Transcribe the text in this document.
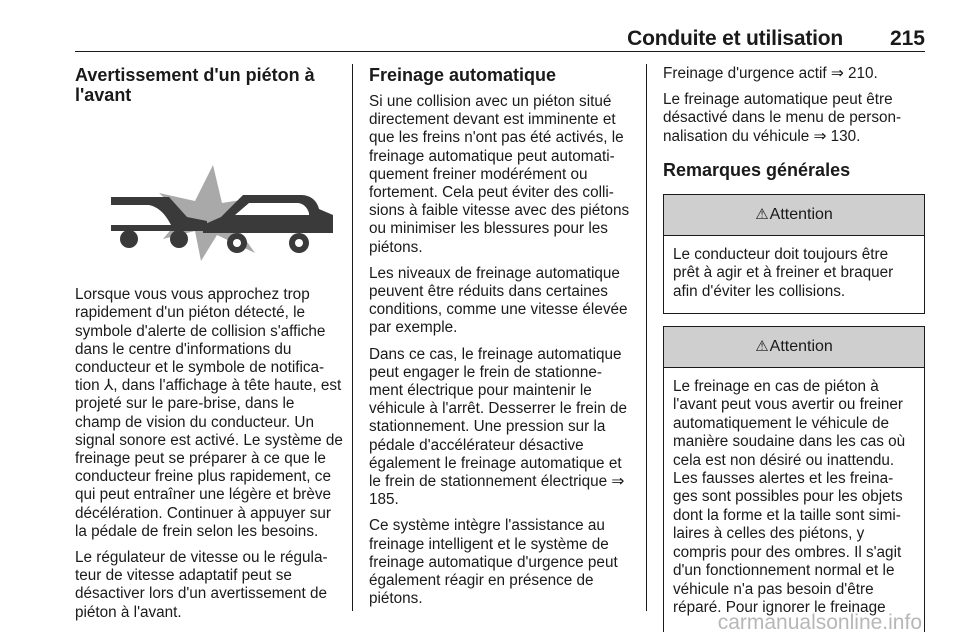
Conduite et utilisation 215
Avertissement d'un piéton à l'avant

Lorsque vous vous approchez trop rapidement d'un piéton détecté, le symbole d'alerte de collision s'affiche dans le centre d'informations du conducteur et le symbole de notifica- tion ⅄, dans l'affichage à tête haute, est projeté sur le pare-brise, dans le champ de vision du conducteur. Un signal sonore est activé. Le système de freinage peut se préparer à ce que le conducteur freine plus rapidement, ce qui peut entraîner une légère et brève décélération. Continuer à appuyer sur la pédale de frein selon les besoins.

Le régulateur de vitesse ou le régula- teur de vitesse adaptatif peut se désactiver lors d'un avertissement de piéton à l'avant.

Freinage automatique

Si une collision avec un piéton situé directement devant est imminente et que les freins n'ont pas été activés, le freinage automatique peut automati- quement freiner modérément ou fortement. Cela peut éviter des colli- sions à faible vitesse avec des piétons ou minimiser les blessures pour les piétons.

Les niveaux de freinage automatique peuvent être réduits dans certaines conditions, comme une vitesse élevée par exemple.

Dans ce cas, le freinage automatique peut engager le frein de stationne- ment électrique pour maintenir le véhicule à l'arrêt. Desserrer le frein de stationnement. Une pression sur la pédale d'accélérateur désactive également le freinage automatique et le frein de stationnement électrique ⇒ 185.

Ce système intègre l'assistance au freinage intelligent et le système de freinage automatique d'urgence peut également réagir en présence de piétons.

Freinage d'urgence actif ⇒ 210.

Le freinage automatique peut être désactivé dans le menu de person- nalisation du véhicule ⇒ 130.

Remarques générales
⚠ Attention

Le conducteur doit toujours être prêt à agir et à freiner et braquer afin d'éviter les collisions.

⚠ Attention

Le freinage en cas de piéton à l'avant peut vous avertir ou freiner automatiquement le véhicule de manière soudaine dans les cas où cela est non désiré ou inattendu. Les fausses alertes et les freina- ges sont possibles pour les objets dont la forme et la taille sont simi- laires à celles des piétons, y compris pour des ombres. Il s'agit d'un fonctionnement normal et le véhicule n'a pas besoin d'être réparé. Pour ignorer le freinage

carmanualsonline.info
